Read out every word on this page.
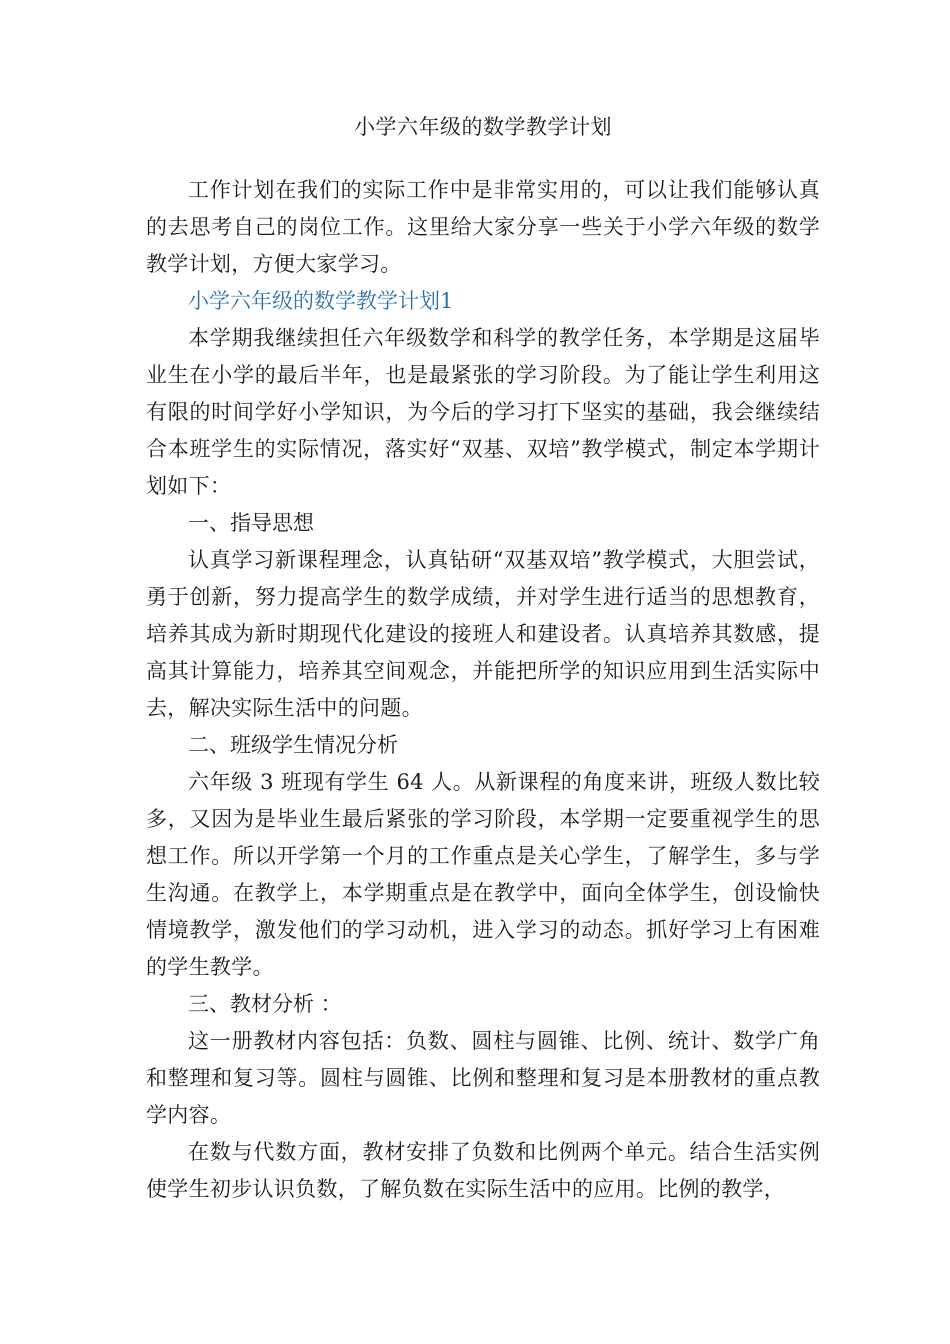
小学六年级的数学教学计划

工作计划在我们的实际工作中是非常实用的，可以让我们能够认真的去思考自己的岗位工作。这里给大家分享一些关于小学六年级的数学教学计划，方便大家学习。

小学六年级的数学教学计划1

本学期我继续担任六年级数学和科学的教学任务，本学期是这届毕业生在小学的最后半年，也是最紧张的学习阶段。为了能让学生利用这有限的时间学好小学知识，为今后的学习打下坚实的基础，我会继续结合本班学生的实际情况，落实好“双基、双培”教学模式，制定本学期计划如下：

一、指导思想

认真学习新课程理念，认真钻研“双基双培”教学模式，大胆尝试，勇于创新，努力提高学生的数学成绩，并对学生进行适当的思想教育，培养其成为新时期现代化建设的接班人和建设者。认真培养其数感，提高其计算能力，培养其空间观念，并能把所学的知识应用到生活实际中去，解决实际生活中的问题。

二、班级学生情况分析

六年级 3 班现有学生 64 人。从新课程的角度来讲，班级人数比较多，又因为是毕业生最后紧张的学习阶段，本学期一定要重视学生的思想工作。所以开学第一个月的工作重点是关心学生，了解学生，多与学生沟通。在教学上，本学期重点是在教学中，面向全体学生，创设愉快情境教学，激发他们的学习动机，进入学习的动态。抓好学习上有困难的学生教学。

三、教材分析 ：

这一册教材内容包括：负数、圆柱与圆锥、比例、统计、数学广角和整理和复习等。圆柱与圆锥、比例和整理和复习是本册教材的重点教学内容。

在数与代数方面，教材安排了负数和比例两个单元。结合生活实例使学生初步认识负数，了解负数在实际生活中的应用。比例的教学，
